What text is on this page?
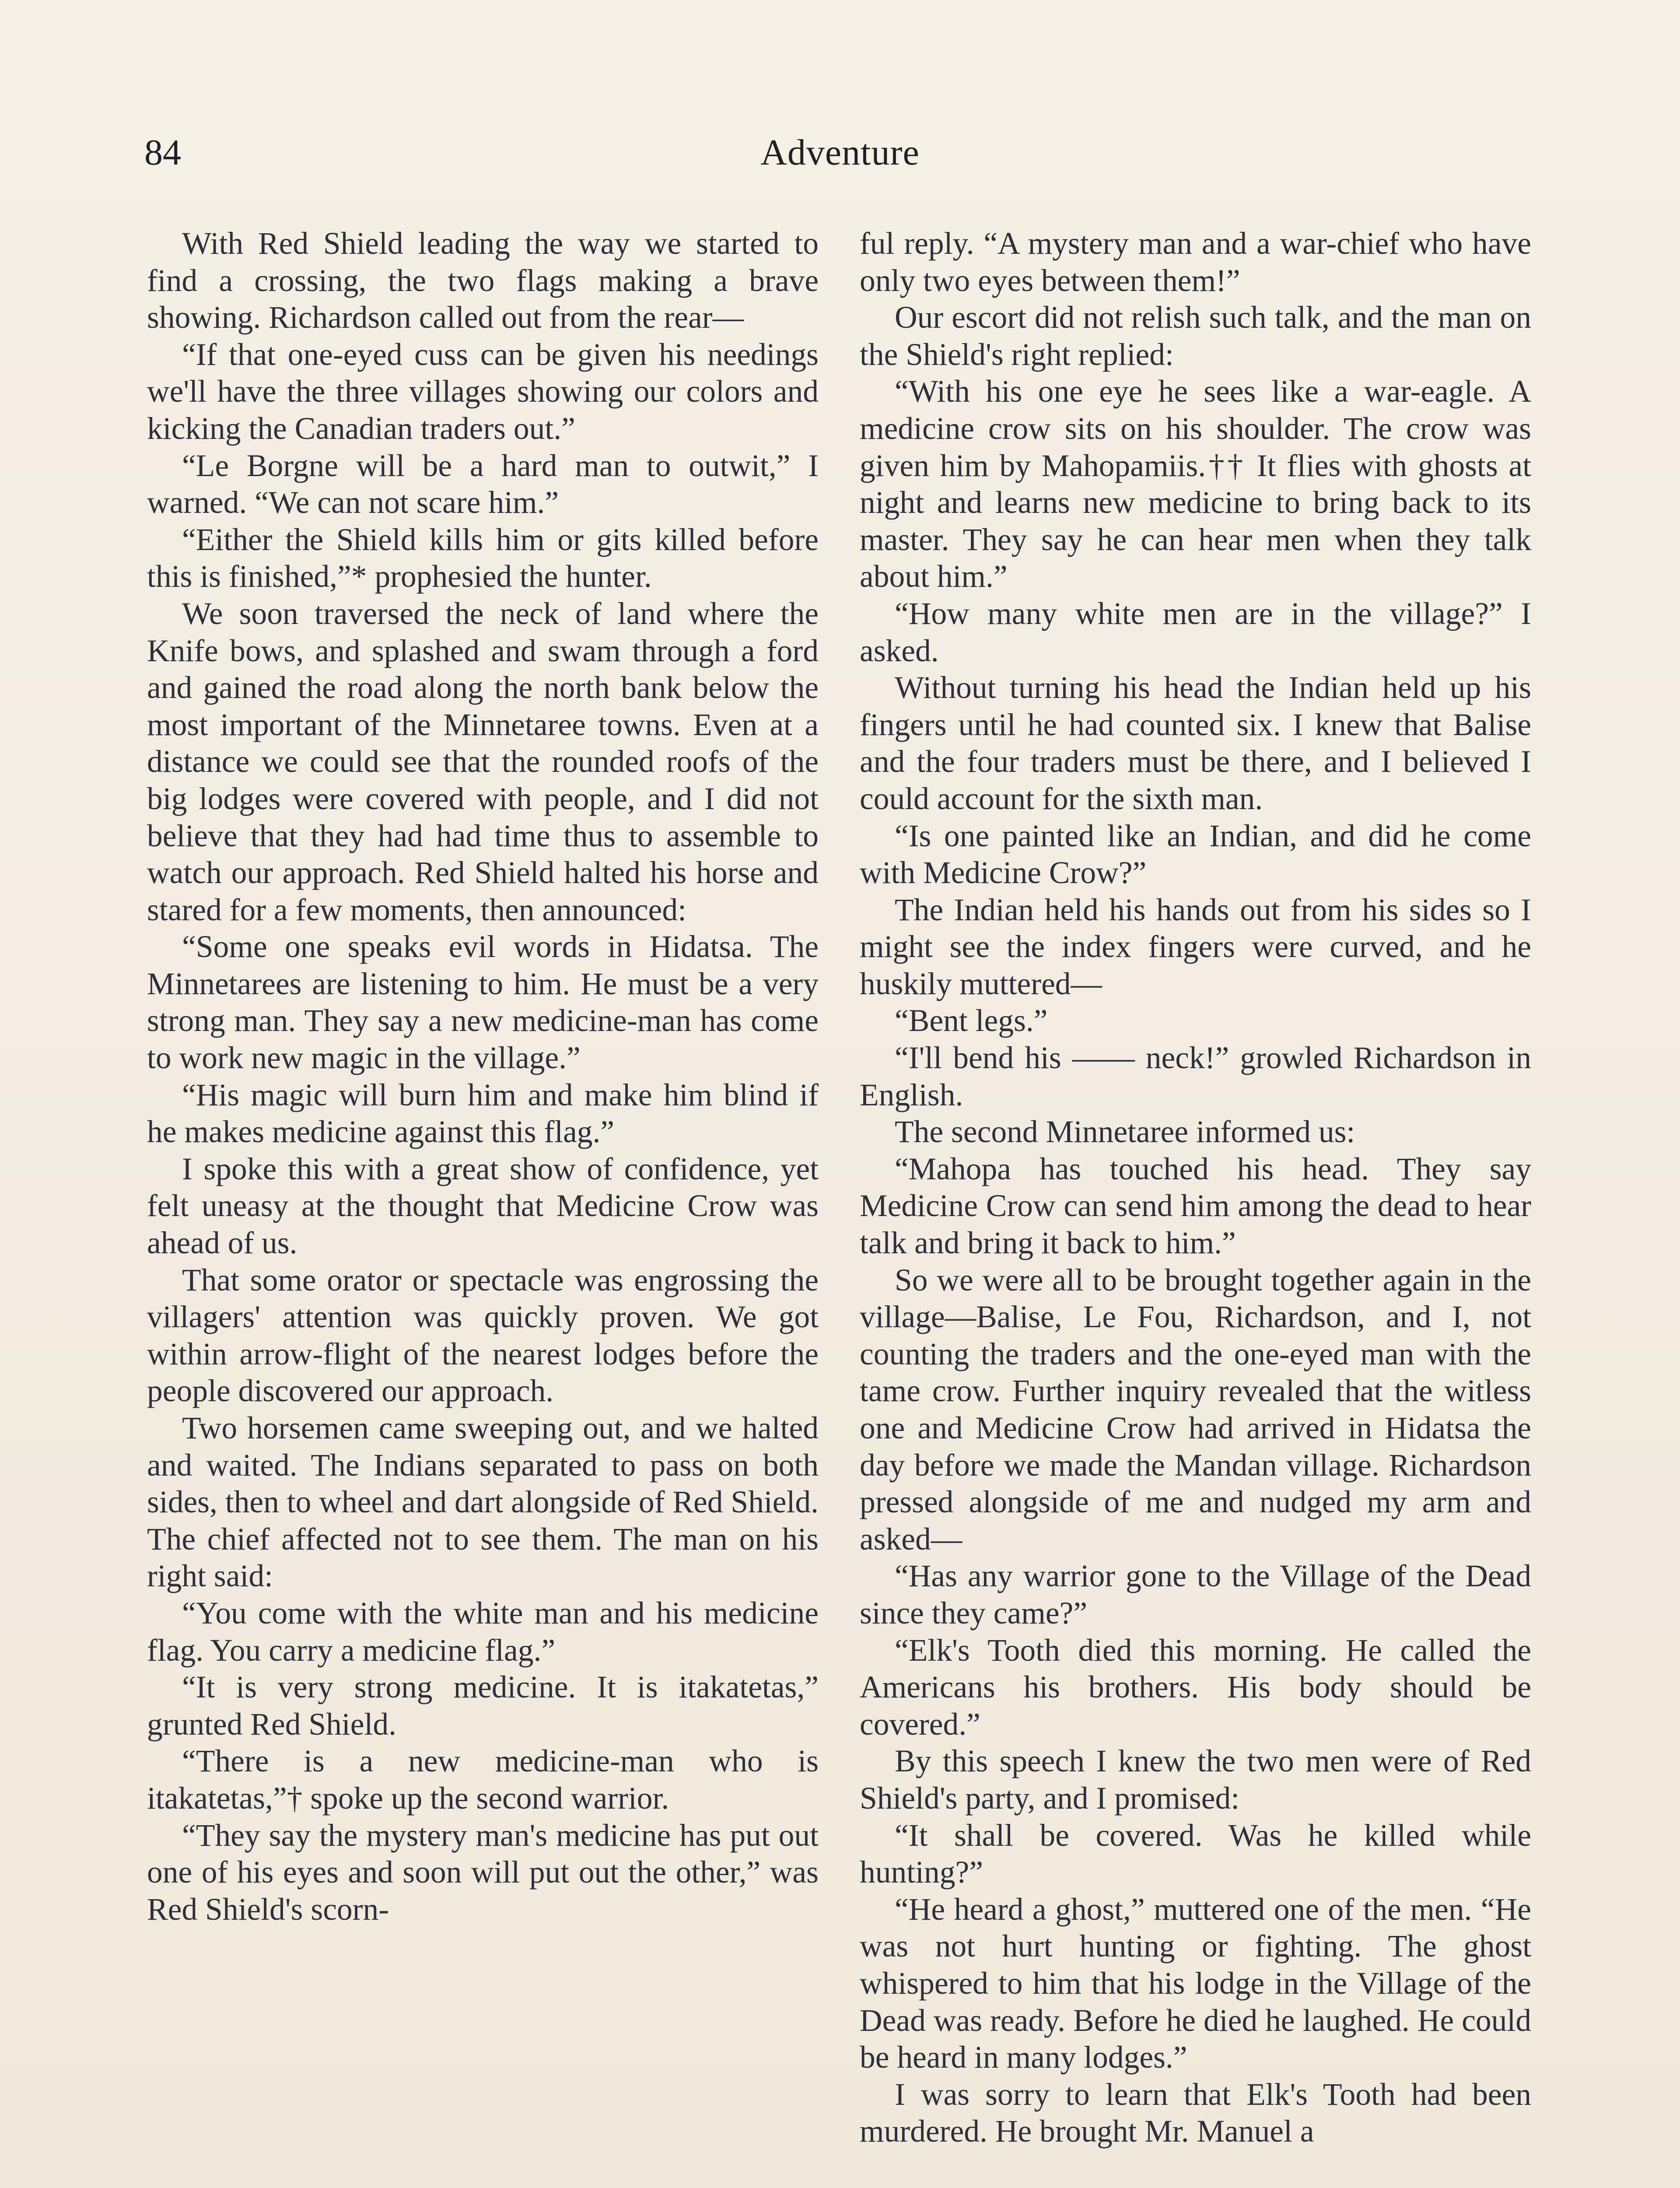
84	Adventure

With Red Shield leading the way we started to find a crossing, the two flags making a brave showing. Richardson called out from the rear—

“If that one-eyed cuss can be given his needings we'll have the three villages showing our colors and kicking the Canadian traders out.”

“Le Borgne will be a hard man to outwit,” I warned. “We can not scare him.”

“Either the Shield kills him or gits killed before this is finished,”* prophesied the hunter.

We soon traversed the neck of land where the Knife bows, and splashed and swam through a ford and gained the road along the north bank below the most important of the Minnetaree towns. Even at a distance we could see that the rounded roofs of the big lodges were covered with people, and I did not believe that they had had time thus to assemble to watch our approach. Red Shield halted his horse and stared for a few moments, then announced:

“Some one speaks evil words in Hidatsa. The Minnetarees are listening to him. He must be a very strong man. They say a new medicine-man has come to work new magic in the village.”

“His magic will burn him and make him blind if he makes medicine against this flag.”

I spoke this with a great show of confidence, yet felt uneasy at the thought that Medicine Crow was ahead of us.

That some orator or spectacle was engrossing the villagers' attention was quickly proven. We got within arrow-flight of the nearest lodges before the people discovered our approach.

Two horsemen came sweeping out, and we halted and waited. The Indians separated to pass on both sides, then to wheel and dart alongside of Red Shield. The chief affected not to see them. The man on his right said:

“You come with the white man and his medicine flag. You carry a medicine flag.”

“It is very strong medicine. It is itakatetas,” grunted Red Shield.

“There is a new medicine-man who is itakatetas,”† spoke up the second warrior.

“They say the mystery man's medicine has put out one of his eyes and soon will put out the other,” was Red Shield's scorn-

ful reply. “A mystery man and a war-chief who have only two eyes between them!”

Our escort did not relish such talk, and the man on the Shield's right replied:

“With his one eye he sees like a war-eagle. A medicine crow sits on his shoulder. The crow was given him by Mahopamiis.†† It flies with ghosts at night and learns new medicine to bring back to its master. They say he can hear men when they talk about him.”

“How many white men are in the village?” I asked.

Without turning his head the Indian held up his fingers until he had counted six. I knew that Balise and the four traders must be there, and I believed I could account for the sixth man.

“Is one painted like an Indian, and did he come with Medicine Crow?”

The Indian held his hands out from his sides so I might see the index fingers were curved, and he huskily muttered—

“Bent legs.”

“I'll bend his —— neck!” growled Richardson in English.

The second Minnetaree informed us:

“Mahopa has touched his head. They say Medicine Crow can send him among the dead to hear talk and bring it back to him.”

So we were all to be brought together again in the village—Balise, Le Fou, Richardson, and I, not counting the traders and the one-eyed man with the tame crow. Further inquiry revealed that the witless one and Medicine Crow had arrived in Hidatsa the day before we made the Mandan village. Richardson pressed alongside of me and nudged my arm and asked—

“Has any warrior gone to the Village of the Dead since they came?”

“Elk's Tooth died this morning. He called the Americans his brothers. His body should be covered.”

By this speech I knew the two men were of Red Shield's party, and I promised:

“It shall be covered. Was he killed while hunting?”

“He heard a ghost,” muttered one of the men. “He was not hurt hunting or fighting. The ghost whispered to him that his lodge in the Village of the Dead was ready. Before he died he laughed. He could be heard in many lodges.”

I was sorry to learn that Elk's Tooth had been murdered. He brought Mr. Manuel a
